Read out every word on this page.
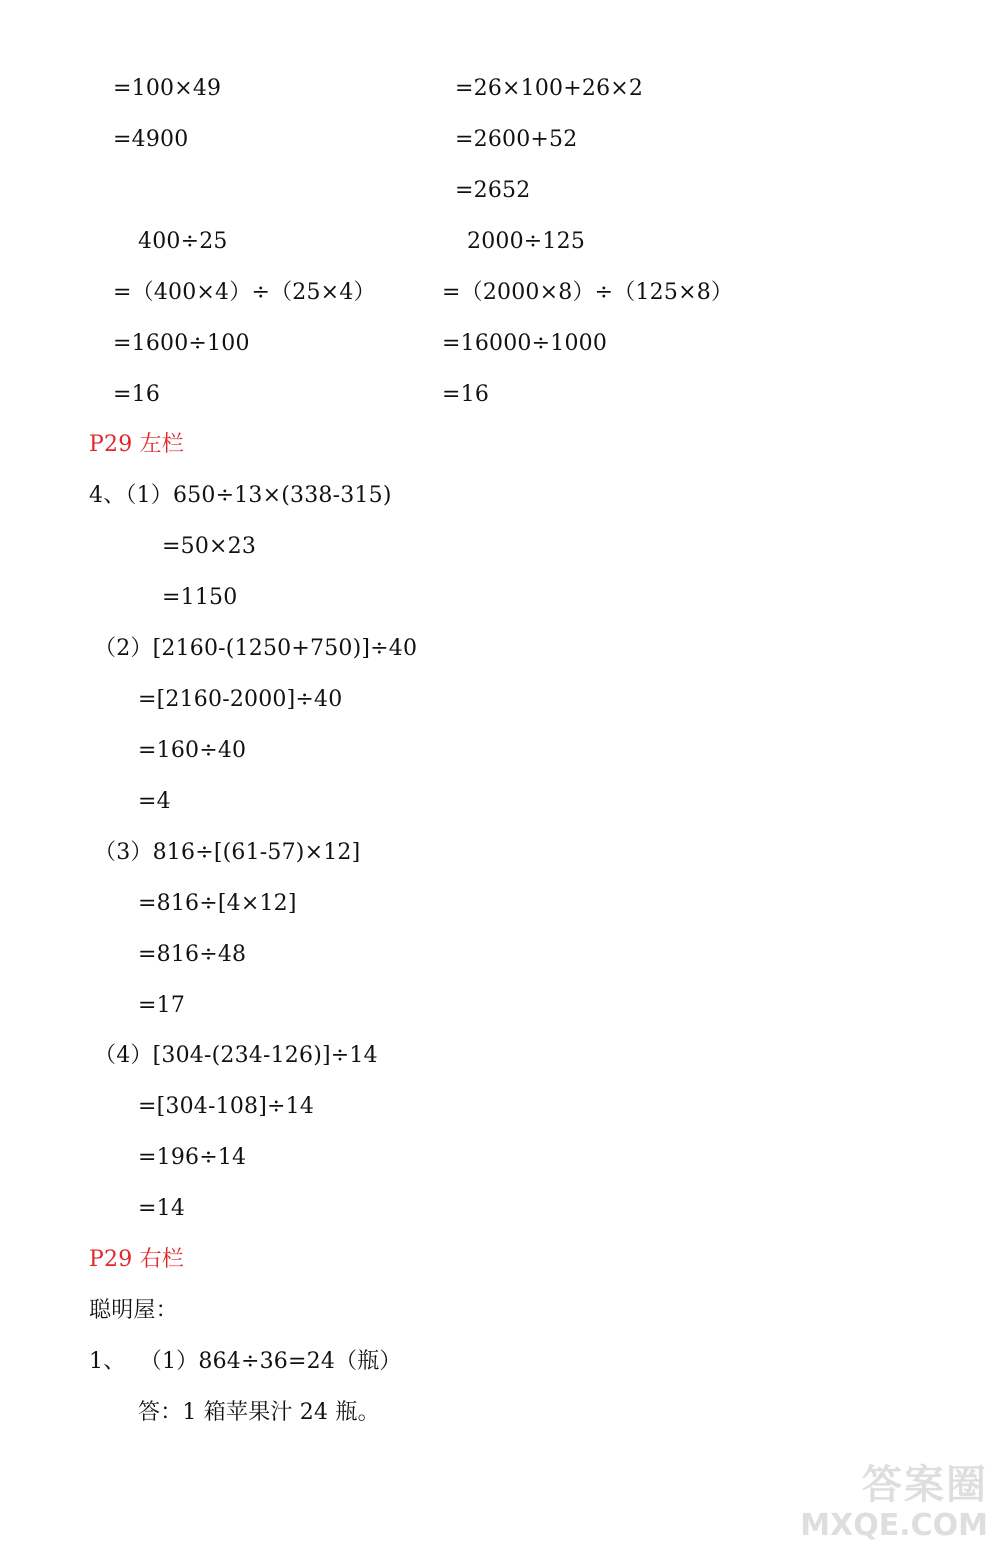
=100×49
=4900
=26×100+26×2
=2600+52
=2652
400÷25
=（400×4）÷（25×4）
=1600÷100
=16
2000÷125
=（2000×8）÷（125×8）
=16000÷1000
=16
P29 左栏
4、（1）650÷13×(338-315)
=50×23
=1150
（2）[2160-(1250+750)]÷40
=[2160-2000]÷40
=160÷40
=4
（3）816÷[(61-57)×12]
=816÷[4×12]
=816÷48
=17
（4）[304-(234-126)]÷14
=[304-108]÷14
=196÷14
=14
P29 右栏
聪明屋：
1、  （1）864÷36=24（瓶）
答：1 箱苹果汁 24 瓶。
答案圈
MXQE.COM
